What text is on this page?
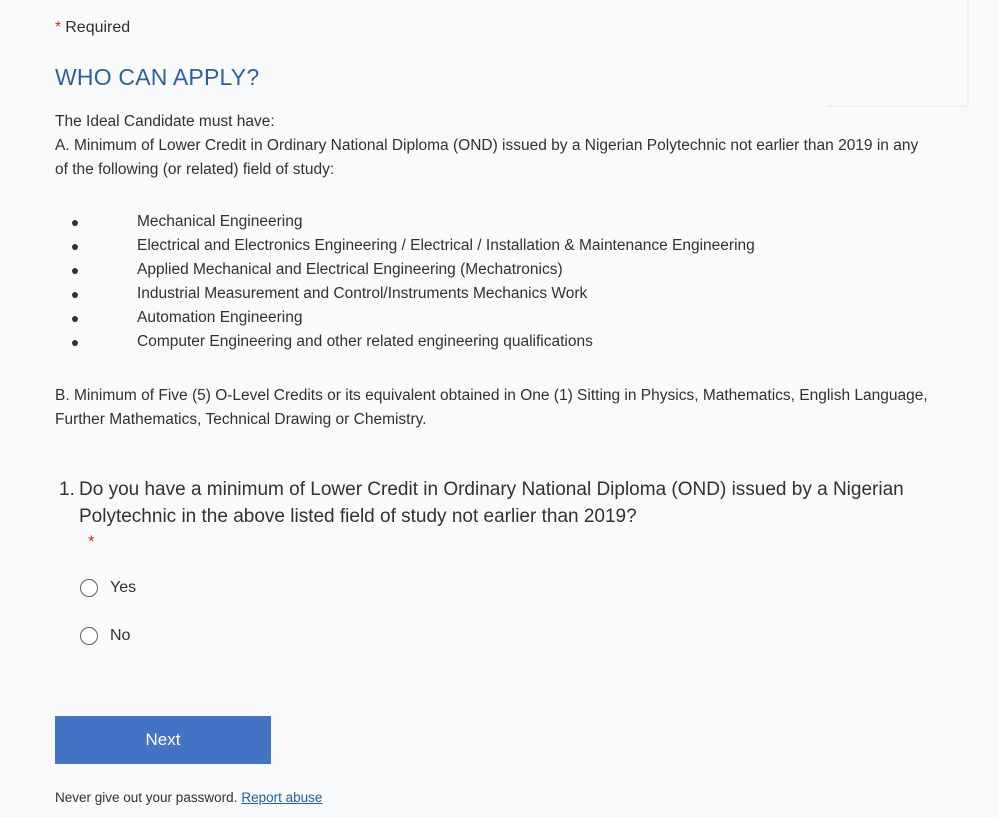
* Required
WHO CAN APPLY?

The Ideal Candidate must have:

A. Minimum of Lower Credit in Ordinary National Diploma (OND) issued by a Nigerian Polytechnic not earlier than 2019 in any of the following (or related) field of study:

Mechanical Engineering
Electrical and Electronics Engineering / Electrical / Installation & Maintenance Engineering
Applied Mechanical and Electrical Engineering (Mechatronics)
Industrial Measurement and Control/Instruments Mechanics Work
Automation Engineering
Computer Engineering and other related engineering qualifications

B. Minimum of Five (5) O-Level Credits or its equivalent obtained in One (1) Sitting in Physics, Mathematics, English Language, Further Mathematics, Technical Drawing or Chemistry.

1. Do you have a minimum of Lower Credit in Ordinary National Diploma (OND) issued by a Nigerian Polytechnic in the above listed field of study not earlier than 2019?
*
Yes
No
Next
Never give out your password. Report abuse
